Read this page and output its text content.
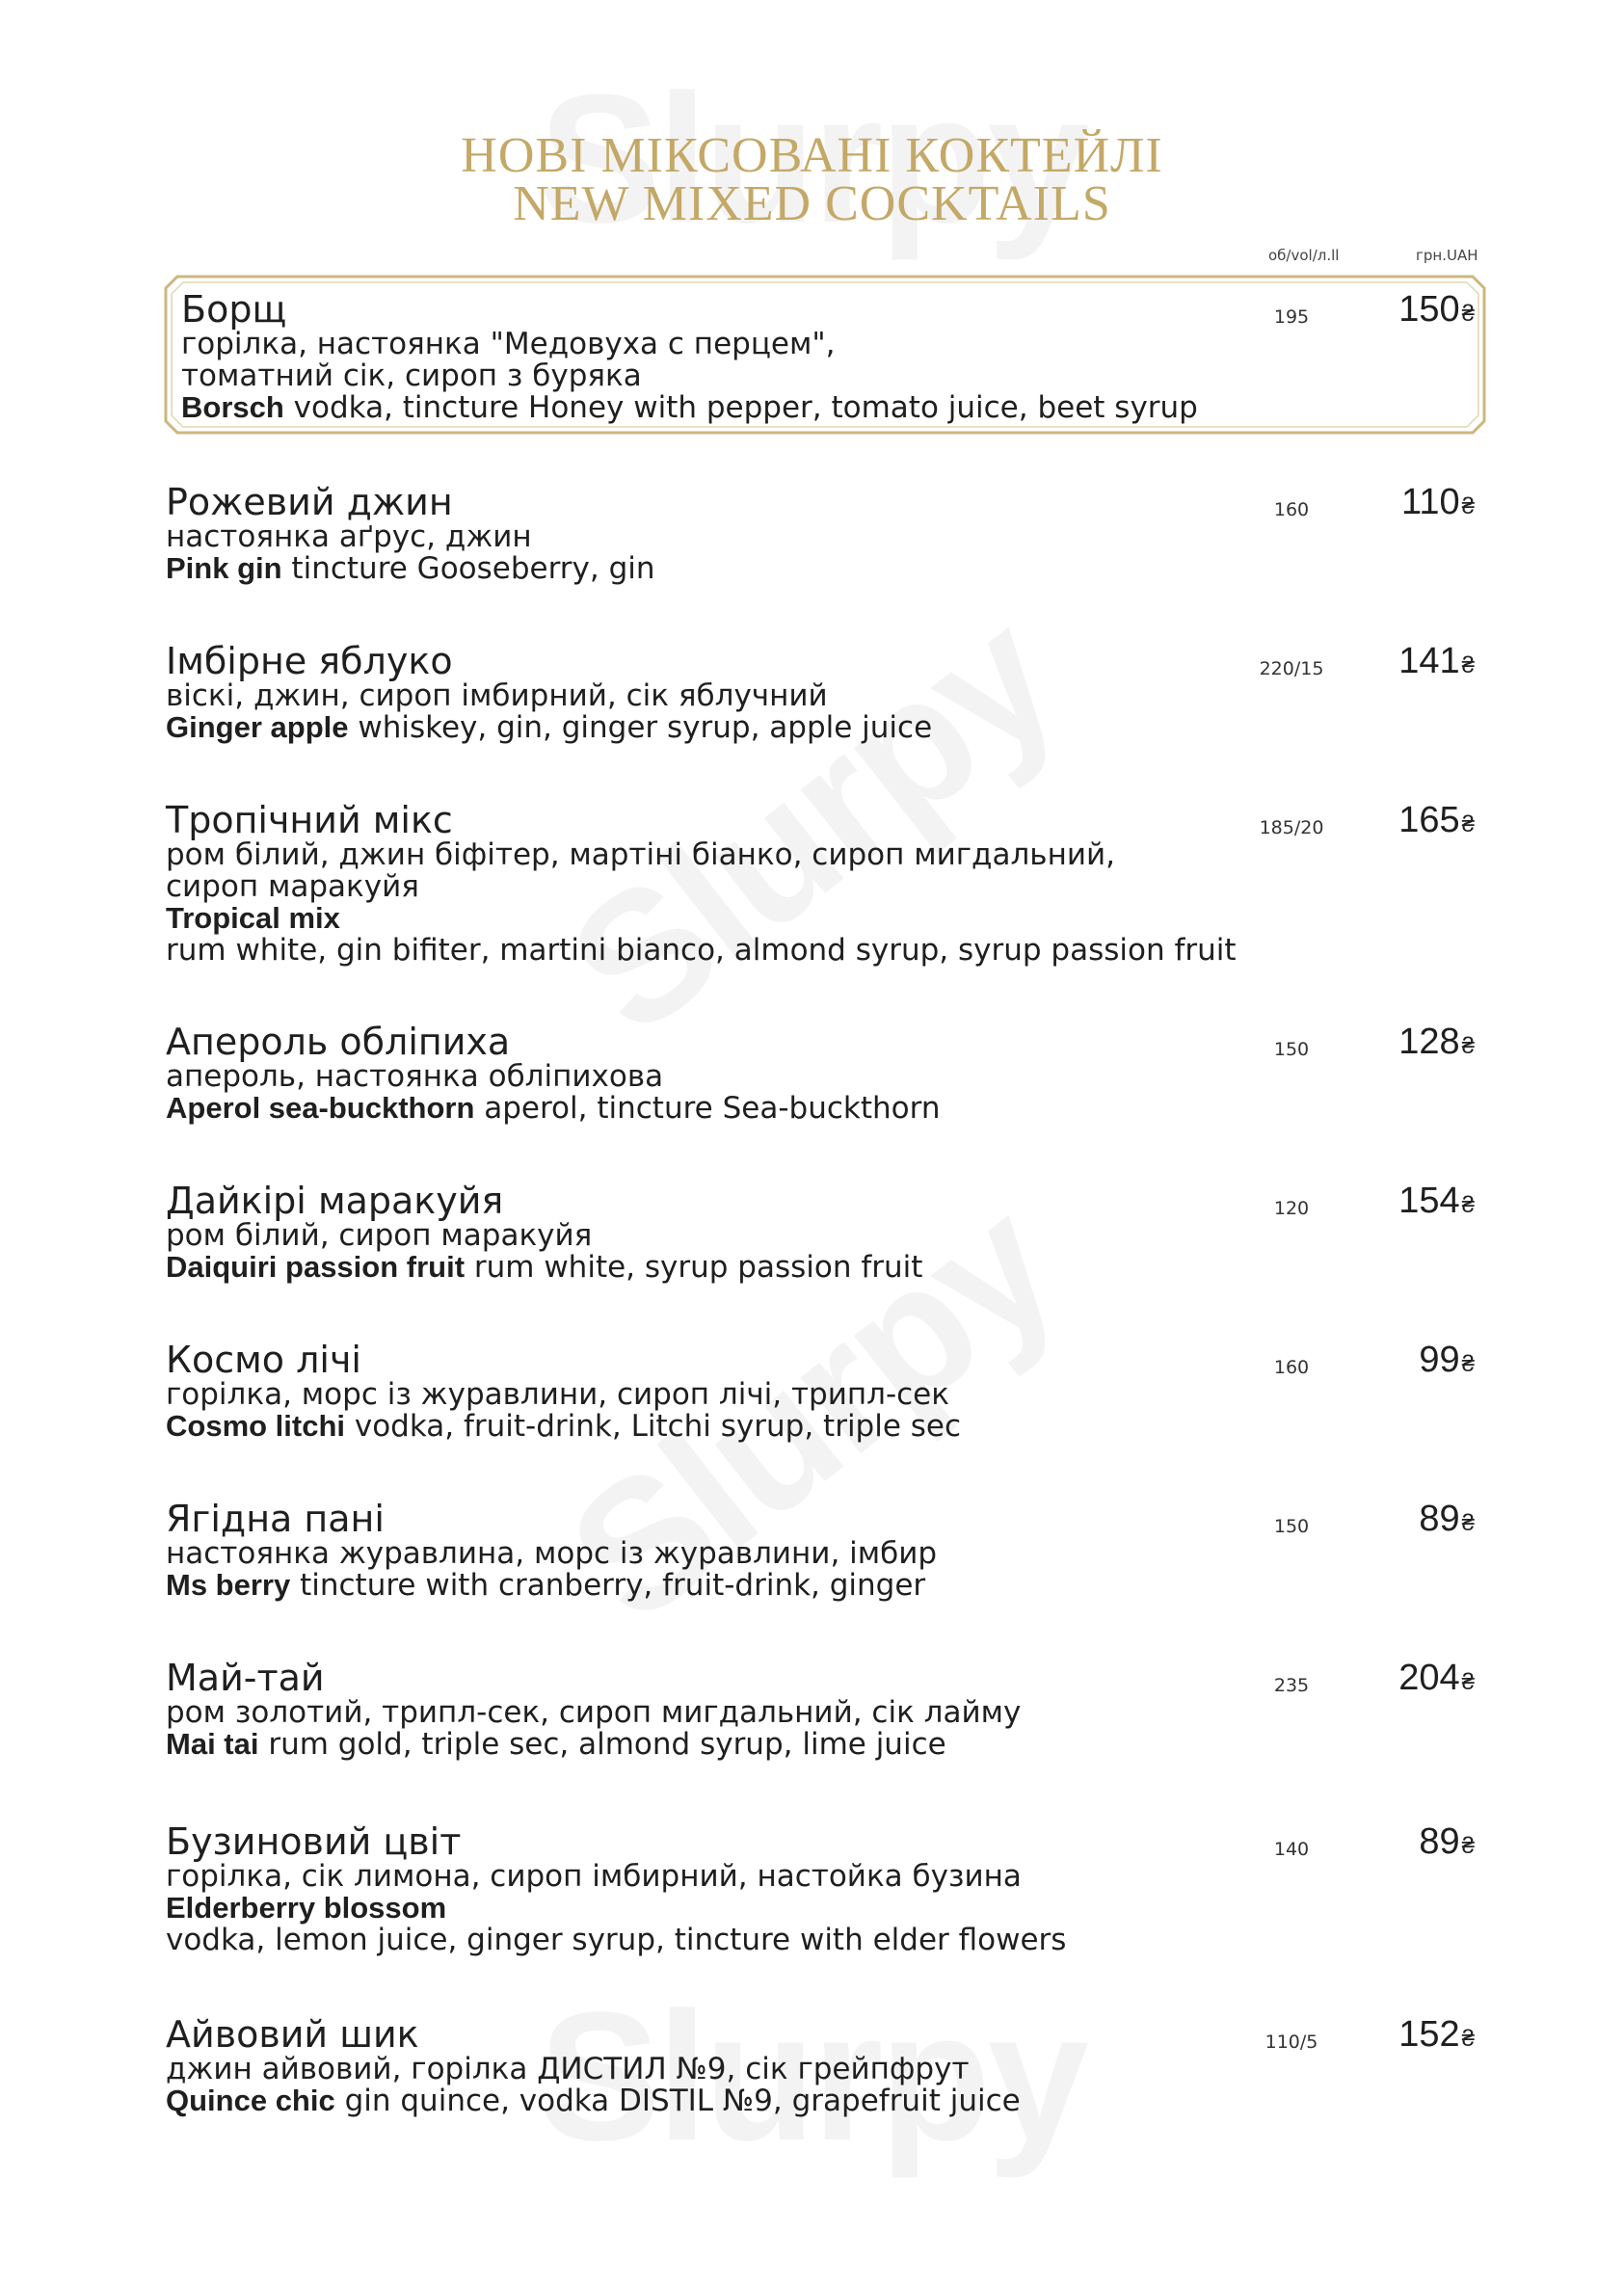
НОВІ МІКСОВАНІ КОКТЕЙЛІ
NEW MIXED COCKTAILS
об/vol/л.ll	грн.UAH
Борщ
горілка, настоянка "Медовуха с перцем",
томатний сік, сироп з буряка
Borsch vodka, tincture Honey with pepper, tomato juice, beet syrup
195	150₴
Рожевий джин
настоянка аґрус, джин
Pink gin tincture Gooseberry, gin
160	110₴
Імбірне яблуко
віскі, джин, сироп імбирний, сік яблучний
Ginger apple whiskey, gin, ginger syrup, apple juice
220/15 141₴
Тропічний мікс
ром білий, джин біфітер, мартіні біанко, сироп мигдальний,
сироп маракуйя
Tropical mix
rum white, gin bifiter, martini bianco, almond syrup, syrup passion fruit
185/20 165₴
Апероль обліпиха
апероль, настоянка обліпихова
Aperol sea-buckthorn aperol, tincture Sea-buckthorn
150	128₴
Дайкірі маракуйя
ром білий, сироп маракуйя
Daiquiri passion fruit rum white, syrup passion fruit
120	154₴
Космо лічі
горілка, морс із журавлини, сироп лічі, трипл-сек
Cosmo litchi vodka, fruit-drink, Litchi syrup, triple sec
160	99₴
Ягідна пані
настоянка журавлина, морс із журавлини, імбир
Ms berry tincture with cranberry, fruit-drink, ginger
150	89₴
Май-тай
ром золотий, трипл-сек, сироп мигдальний, сік лайму
Mai tai rum gold, triple sec, almond syrup, lime juice
235	204₴
Бузиновий цвіт
горілка, сік лимона, сироп імбирний, настойка бузина
Elderberry blossom
vodka, lemon juice, ginger syrup, tincture with elder flowers
140	89₴
Айвовий шик
джин айвовий, горілка ДИСТИЛ №9, сік грейпфрут
Quince chic gin quince, vodka DISTIL №9, grapefruit juice
110/5	152₴
